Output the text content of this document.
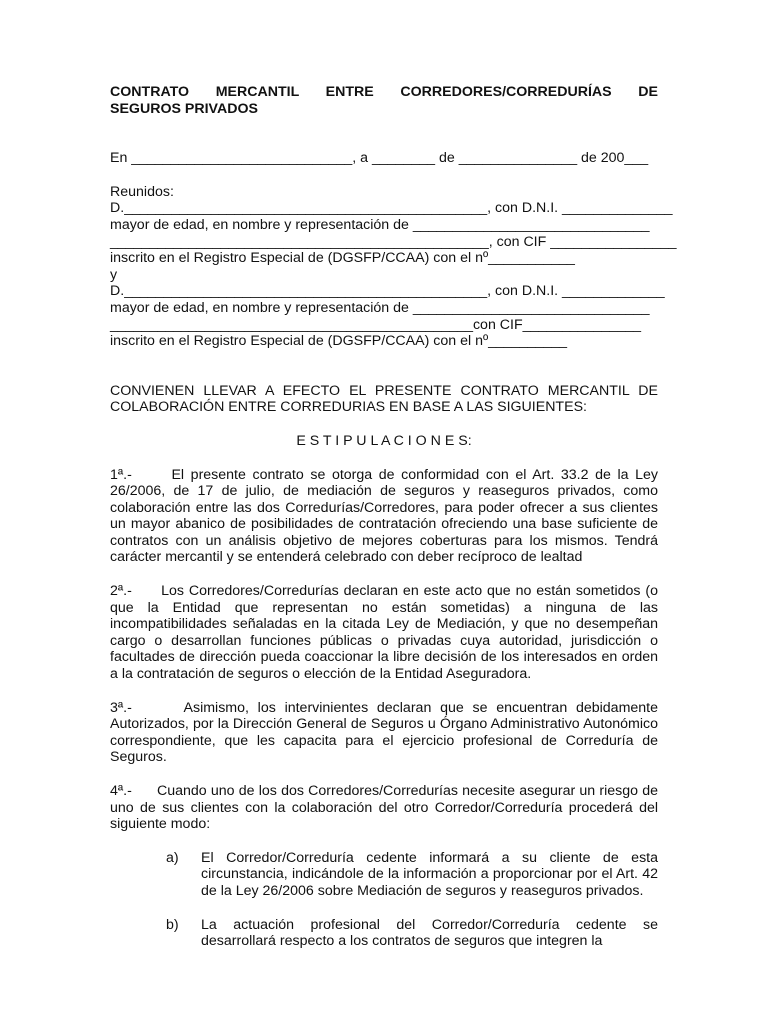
CONTRATO MERCANTIL ENTRE CORREDORES/CORREDURÍAS DE
SEGUROS PRIVADOS
En ____________________________, a ________ de _______________ de 200___
Reunidos:
D.______________________________________________, con D.N.I. ______________
mayor de edad, en nombre y representación de ______________________________
________________________________________________, con CIF ________________
inscrito en el Registro Especial de (DGSFP/CCAA) con el nº___________
y
D.______________________________________________, con D.N.I. _____________
mayor de edad, en nombre y representación de ______________________________
______________________________________________con CIF_______________
inscrito en el Registro Especial de (DGSFP/CCAA) con el nº__________
CONVIENEN LLEVAR A EFECTO EL PRESENTE CONTRATO MERCANTIL DE
COLABORACIÓN ENTRE CORREDURIAS EN BASE A LAS SIGUIENTES:
E S T I P U L A C I O N E S:

1ª.-	El presente contrato se otorga de conformidad con el Art. 33.2 de la Ley 26/2006, de 17 de julio, de mediación de seguros y reaseguros privados, como colaboración entre las dos Corredurías/Corredores, para poder ofrecer a sus clientes un mayor abanico de posibilidades de contratación ofreciendo una base suficiente de contratos con un análisis objetivo de mejores coberturas para los mismos. Tendrá carácter mercantil y se entenderá celebrado con deber recíproco de lealtad

2ª.- Los Corredores/Corredurías declaran en este acto que no están sometidos (o que la Entidad que representan no están sometidas) a ninguna de las incompatibilidades señaladas en la citada Ley de Mediación, y que no desempeñan cargo o desarrollan funciones públicas o privadas cuya autoridad, jurisdicción o facultades de dirección pueda coaccionar la libre decisión de los interesados en orden a la contratación de seguros o elección de la Entidad Aseguradora.

3ª.-	Asimismo, los intervinientes declaran que se encuentran debidamente Autorizados, por la Dirección General de Seguros u Órgano Administrativo Autonómico correspondiente, que les capacita para el ejercicio profesional de Correduría de Seguros.

4ª.- Cuando uno de los dos Corredores/Corredurías necesite asegurar un riesgo de uno de sus clientes con la colaboración del otro Corredor/Correduría procederá del siguiente modo:

a) El Corredor/Correduría cedente informará a su cliente de esta circunstancia, indicándole de la información a proporcionar por el Art. 42 de la Ley 26/2006 sobre Mediación de seguros y reaseguros privados.
b) La actuación profesional del Corredor/Correduría cedente se desarrollará respecto a los contratos de seguros que integren la
